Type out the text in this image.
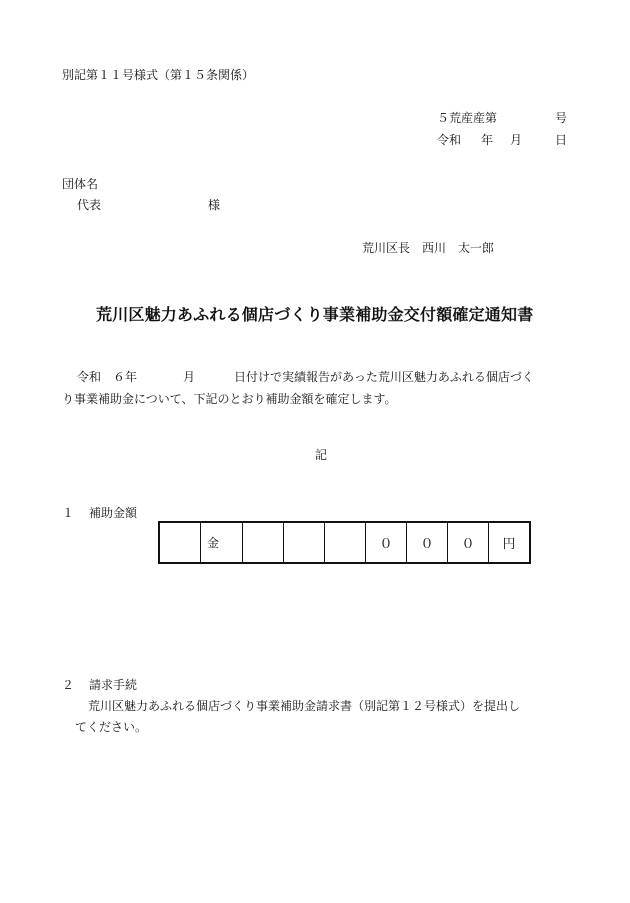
別記第１１号様式（第１５条関係）
５荒産産第	号
令和 年 月	日
団体名
代表	様
荒川区長　西川　太一郎
荒川区魅力あふれる個店づくり事業補助金交付額確定通知書
令和　６年	月	日付けで実績報告があった荒川区魅力あふれる個店づく
り事業補助金について、下記のとおり補助金額を確定します。
記
１ 補助金額
	金				０	０	０	円
２ 請求手続
荒川区魅力あふれる個店づくり事業補助金請求書（別記第１２号様式）を提出し
てください。
